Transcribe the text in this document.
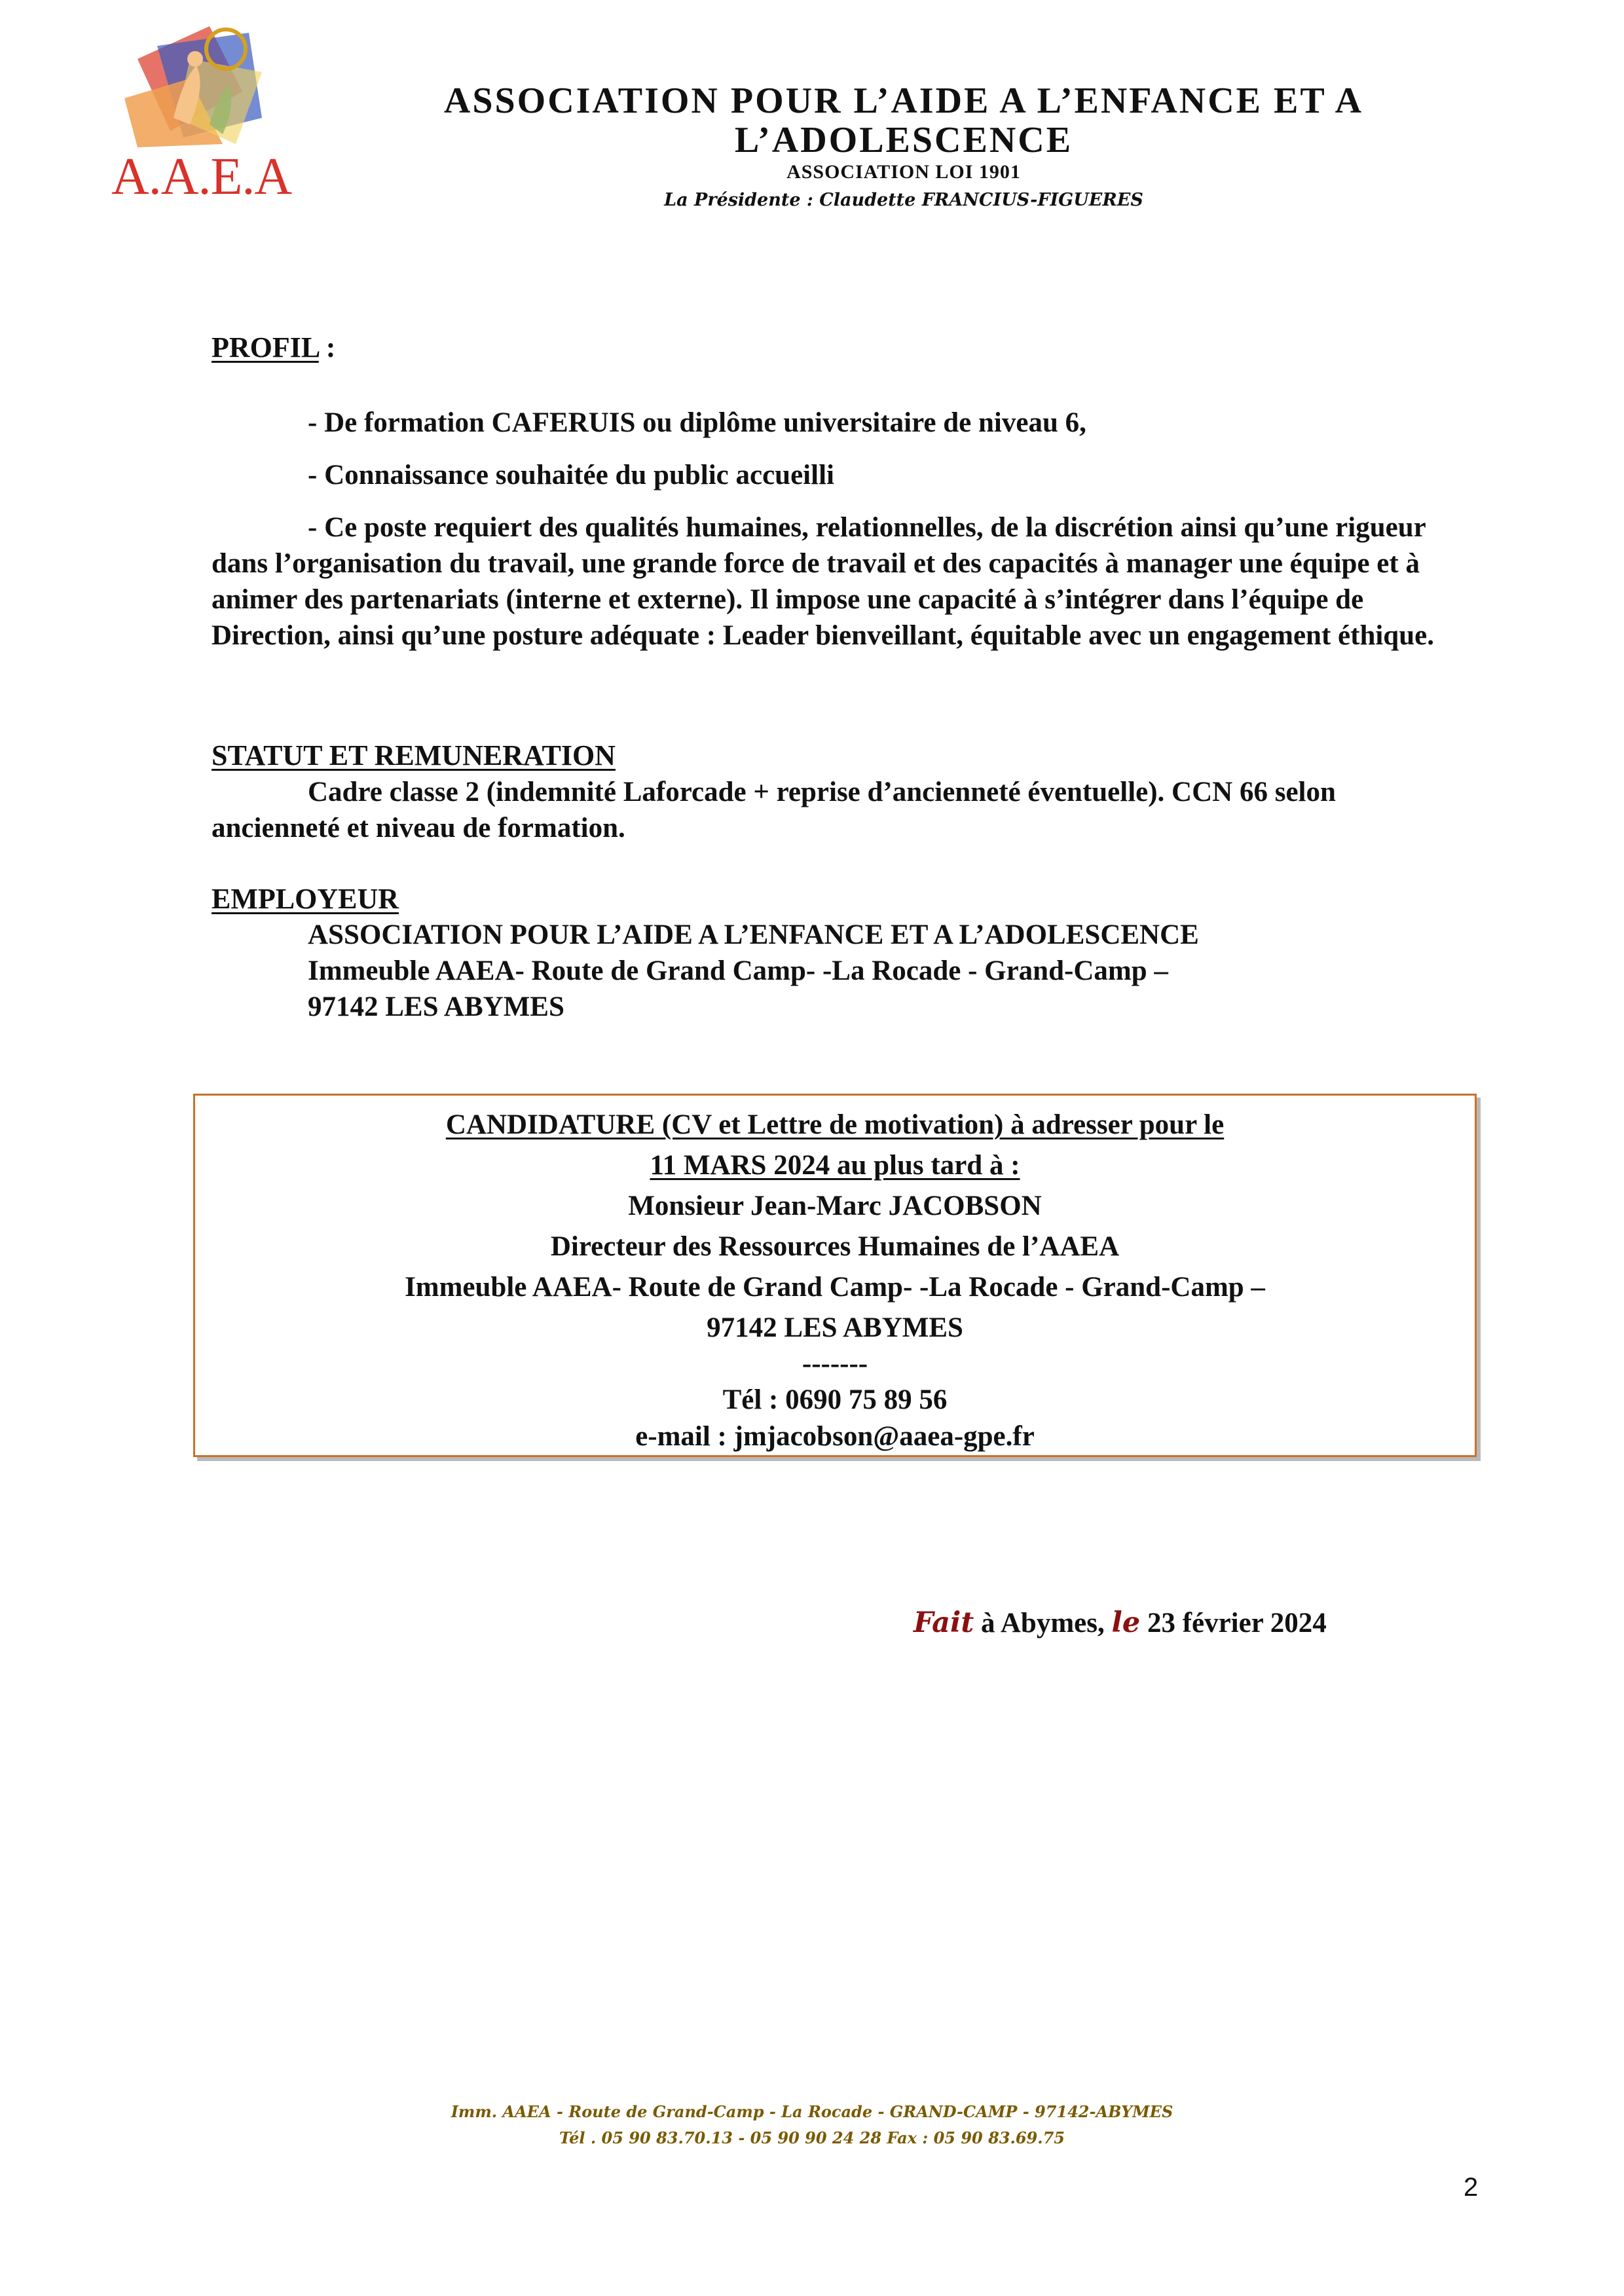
A.A.E.A
ASSOCIATION POUR L’AIDE A L’ENFANCE ET A
L’ADOLESCENCE
ASSOCIATION LOI 1901
La Présidente : Claudette FRANCIUS-FIGUERES
PROFIL :
- De formation CAFERUIS ou diplôme universitaire de niveau 6,
- Connaissance souhaitée du public accueilli
- Ce poste requiert des qualités humaines, relationnelles, de la discrétion ainsi qu’une rigueur dans l’organisation du travail, une grande force de travail et des capacités à manager une équipe et à animer des partenariats (interne et externe). Il impose une capacité à s’intégrer dans l’équipe de Direction, ainsi qu’une posture adéquate : Leader bienveillant, équitable avec un engagement éthique.
STATUT ET REMUNERATION
Cadre classe 2 (indemnité Laforcade + reprise d’ancienneté éventuelle). CCN 66 selon ancienneté et niveau de formation.
EMPLOYEUR
ASSOCIATION POUR L’AIDE A L’ENFANCE ET A L’ADOLESCENCE
Immeuble AAEA- Route de Grand Camp- -La Rocade - Grand-Camp –
97142 LES ABYMES
CANDIDATURE (CV et Lettre de motivation) à adresser pour le
11 MARS 2024 au plus tard à :
Monsieur Jean-Marc JACOBSON
Directeur des Ressources Humaines de l’AAEA
Immeuble AAEA- Route de Grand Camp- -La Rocade - Grand-Camp –
97142 LES ABYMES
-------
Tél : 0690 75 89 56
e-mail : jmjacobson@aaea-gpe.fr
Fait à Abymes, le 23 février 2024
Imm. AAEA - Route de Grand-Camp - La Rocade - GRAND-CAMP - 97142-ABYMES
Tél . 05 90 83.70.13 - 05 90 90 24 28 Fax : 05 90 83.69.75
2
